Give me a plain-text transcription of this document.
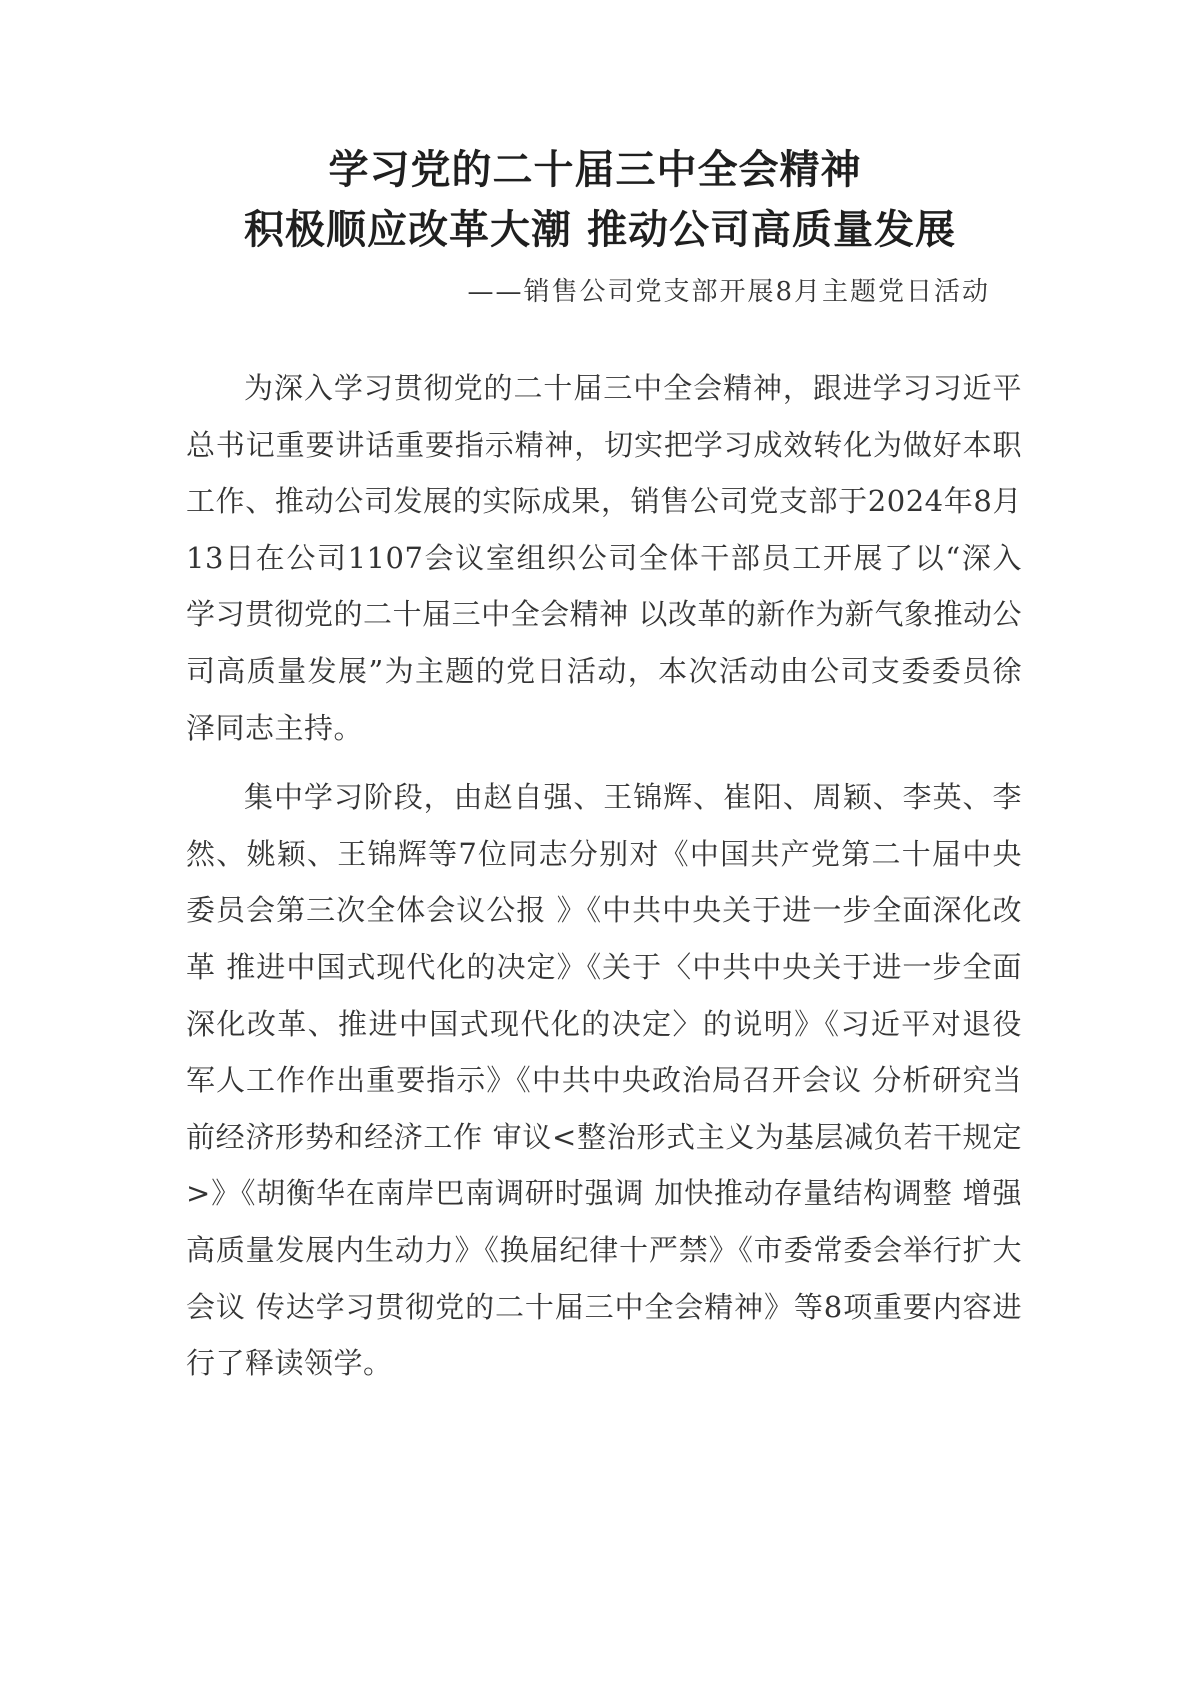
学习党的二十届三中全会精神

积极顺应改革大潮 推动公司高质量发展

——销售公司党支部开展8月主题党日活动

为深入学习贯彻党的二十届三中全会精神，跟进学习习近平总书记重要讲话重要指示精神，切实把学习成效转化为做好本职工作、推动公司发展的实际成果，销售公司党支部于2024年8月13日在公司1107会议室组织公司全体干部员工开展了以“深入学习贯彻党的二十届三中全会精神 以改革的新作为新气象推动公司高质量发展”为主题的党日活动，本次活动由公司支委委员徐泽同志主持。

集中学习阶段，由赵自强、王锦辉、崔阳、周颖、李英、李然、姚颖、王锦辉等7位同志分别对《中国共产党第二十届中央委员会第三次全体会议公报 》《中共中央关于进一步全面深化改革 推进中国式现代化的决定》《关于〈中共中央关于进一步全面深化改革、推进中国式现代化的决定〉的说明》《习近平对退役军人工作作出重要指示》《中共中央政治局召开会议 分析研究当前经济形势和经济工作 审议<整治形式主义为基层减负若干规定>》《胡衡华在南岸巴南调研时强调 加快推动存量结构调整 增强高质量发展内生动力》《换届纪律十严禁》《市委常委会举行扩大会议 传达学习贯彻党的二十届三中全会精神》等8项重要内容进行了释读领学。
